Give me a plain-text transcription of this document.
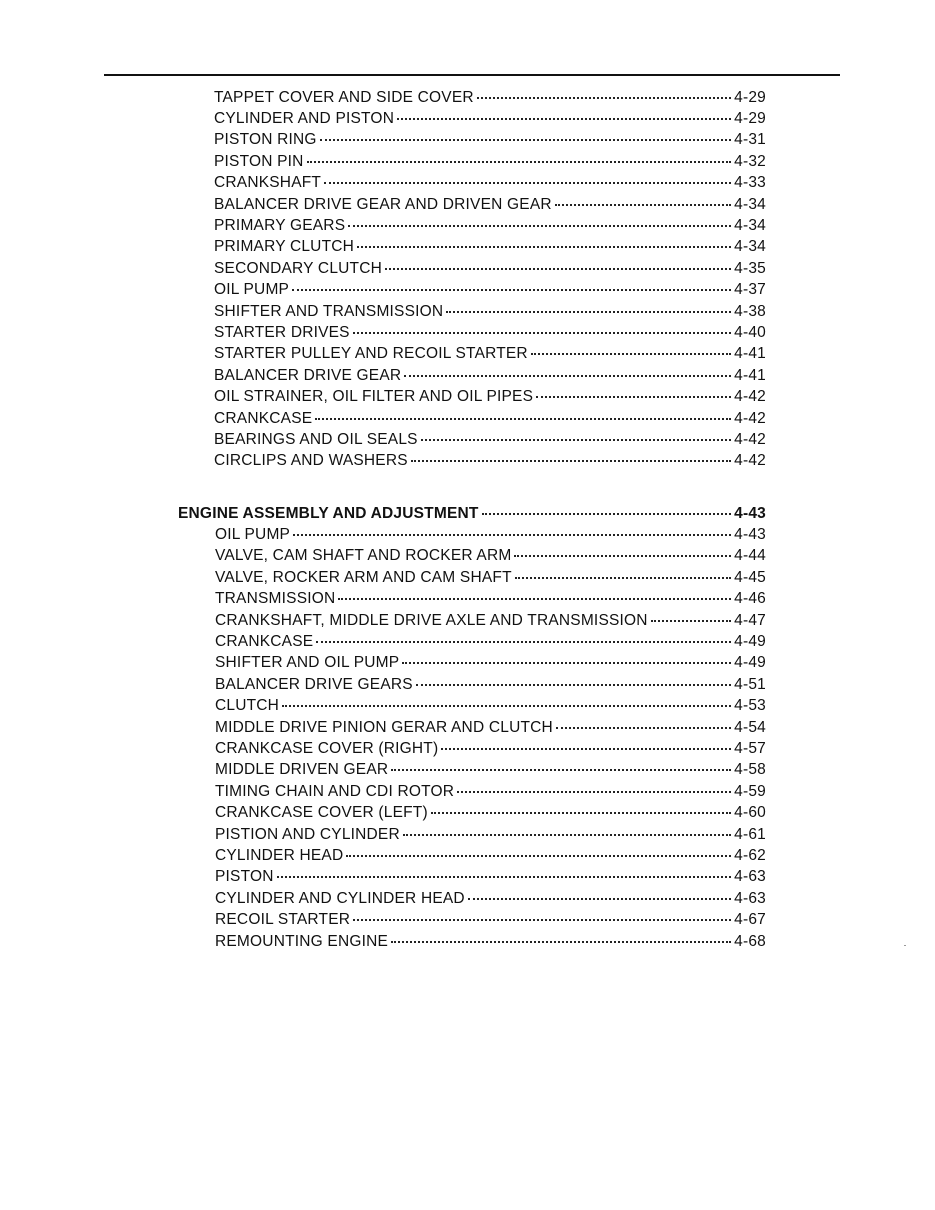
TAPPET COVER AND SIDE COVER	4-29
CYLINDER AND PISTON	4-29
PISTON RING	4-31
PISTON PIN	4-32
CRANKSHAFT	4-33
BALANCER DRIVE GEAR AND DRIVEN GEAR	4-34
PRIMARY GEARS	4-34
PRIMARY CLUTCH	4-34
SECONDARY CLUTCH	4-35
OIL PUMP	4-37
SHIFTER AND TRANSMISSION	4-38
STARTER DRIVES	4-40
STARTER PULLEY AND RECOIL STARTER	4-41
BALANCER DRIVE GEAR	4-41
OIL STRAINER, OIL FILTER AND OIL PIPES	4-42
CRANKCASE	4-42
BEARINGS AND OIL SEALS	4-42
CIRCLIPS AND WASHERS	4-42
ENGINE ASSEMBLY AND ADJUSTMENT	4-43
OIL PUMP	4-43
VALVE, CAM SHAFT AND ROCKER ARM	4-44
VALVE, ROCKER ARM AND CAM SHAFT	4-45
TRANSMISSION	4-46
CRANKSHAFT, MIDDLE DRIVE AXLE AND TRANSMISSION	4-47
CRANKCASE	4-49
SHIFTER AND OIL PUMP	4-49
BALANCER DRIVE GEARS	4-51
CLUTCH	4-53
MIDDLE DRIVE PINION GERAR AND CLUTCH	4-54
CRANKCASE COVER (RIGHT)	4-57
MIDDLE DRIVEN GEAR	4-58
TIMING CHAIN AND CDI ROTOR	4-59
CRANKCASE COVER (LEFT)	4-60
PISTION AND CYLINDER	4-61
CYLINDER HEAD	4-62
PISTON	4-63
CYLINDER AND CYLINDER HEAD	4-63
RECOIL STARTER	4-67
REMOUNTING ENGINE	4-68
